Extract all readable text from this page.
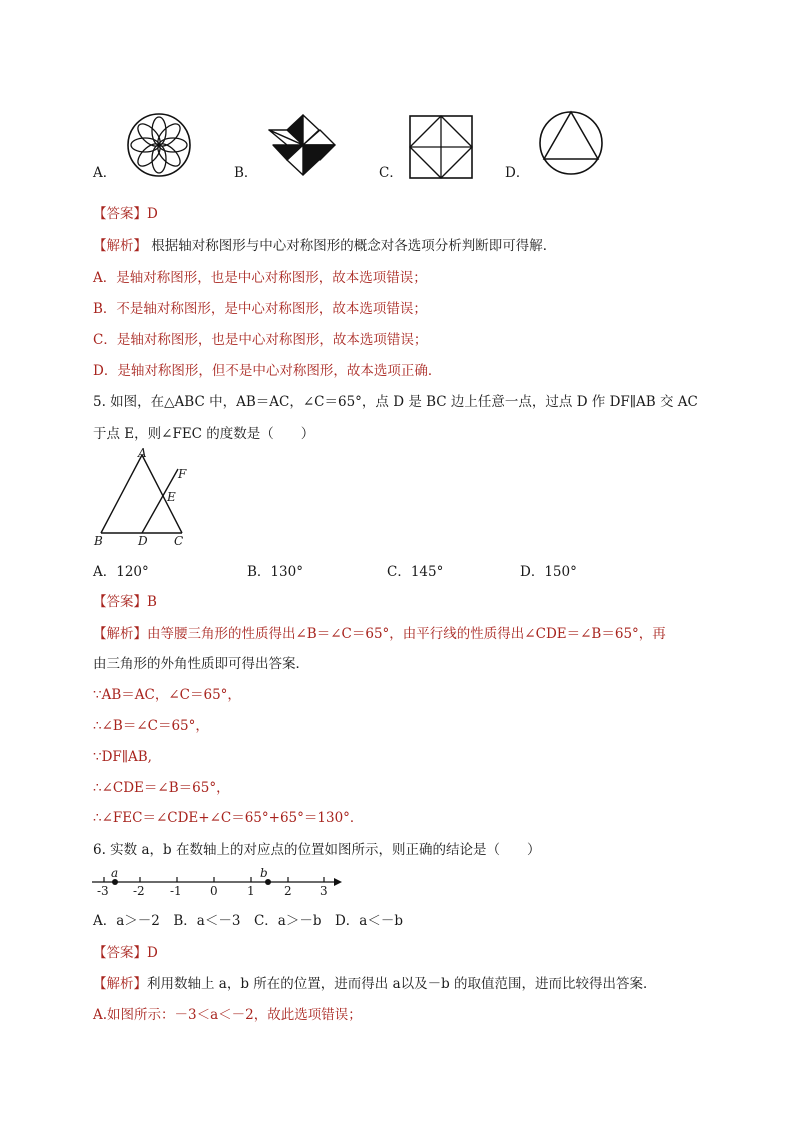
A．	B．	C．	D．
【答案】D
【解析】 根据轴对称图形与中心对称图形的概念对各选项分析判断即可得解．
A．是轴对称图形，也是中心对称图形，故本选项错误；
B．不是轴对称图形，是中心对称图形，故本选项错误；
C．是轴对称图形，也是中心对称图形，故本选项错误；
D．是轴对称图形，但不是中心对称图形，故本选项正确．
5. 如图，在△ABC 中，AB＝AC，∠C＝65°，点 D 是 BC 边上任意一点，过点 D 作 DF∥AB 交 AC
于点 E，则∠FEC 的度数是（　　）
A
B	C
D
E
F
A．120°	B．130°	C．145°	D．150°
【答案】B
【解析】由等腰三角形的性质得出∠B＝∠C＝65°，由平行线的性质得出∠CDE＝∠B＝65°，再
由三角形的外角性质即可得出答案．
∵AB＝AC，∠C＝65°，
∴∠B＝∠C＝65°，
∵DF∥AB,
∴∠CDE＝∠B＝65°，
∴∠FEC＝∠CDE+∠C＝65°+65°＝130°．
6. 实数 a，b 在数轴上的对应点的位置如图所示，则正确的结论是（　　）
a	b
-3 -2 -1 0 1 2 3
A．a＞－2　B．a＜－3　C．a＞－b　D．a＜－b
【答案】D
【解析】利用数轴上 a，b 所在的位置，进而得出 a以及－b 的取值范围，进而比较得出答案．
A.如图所示：－3＜a＜－2，故此选项错误；
